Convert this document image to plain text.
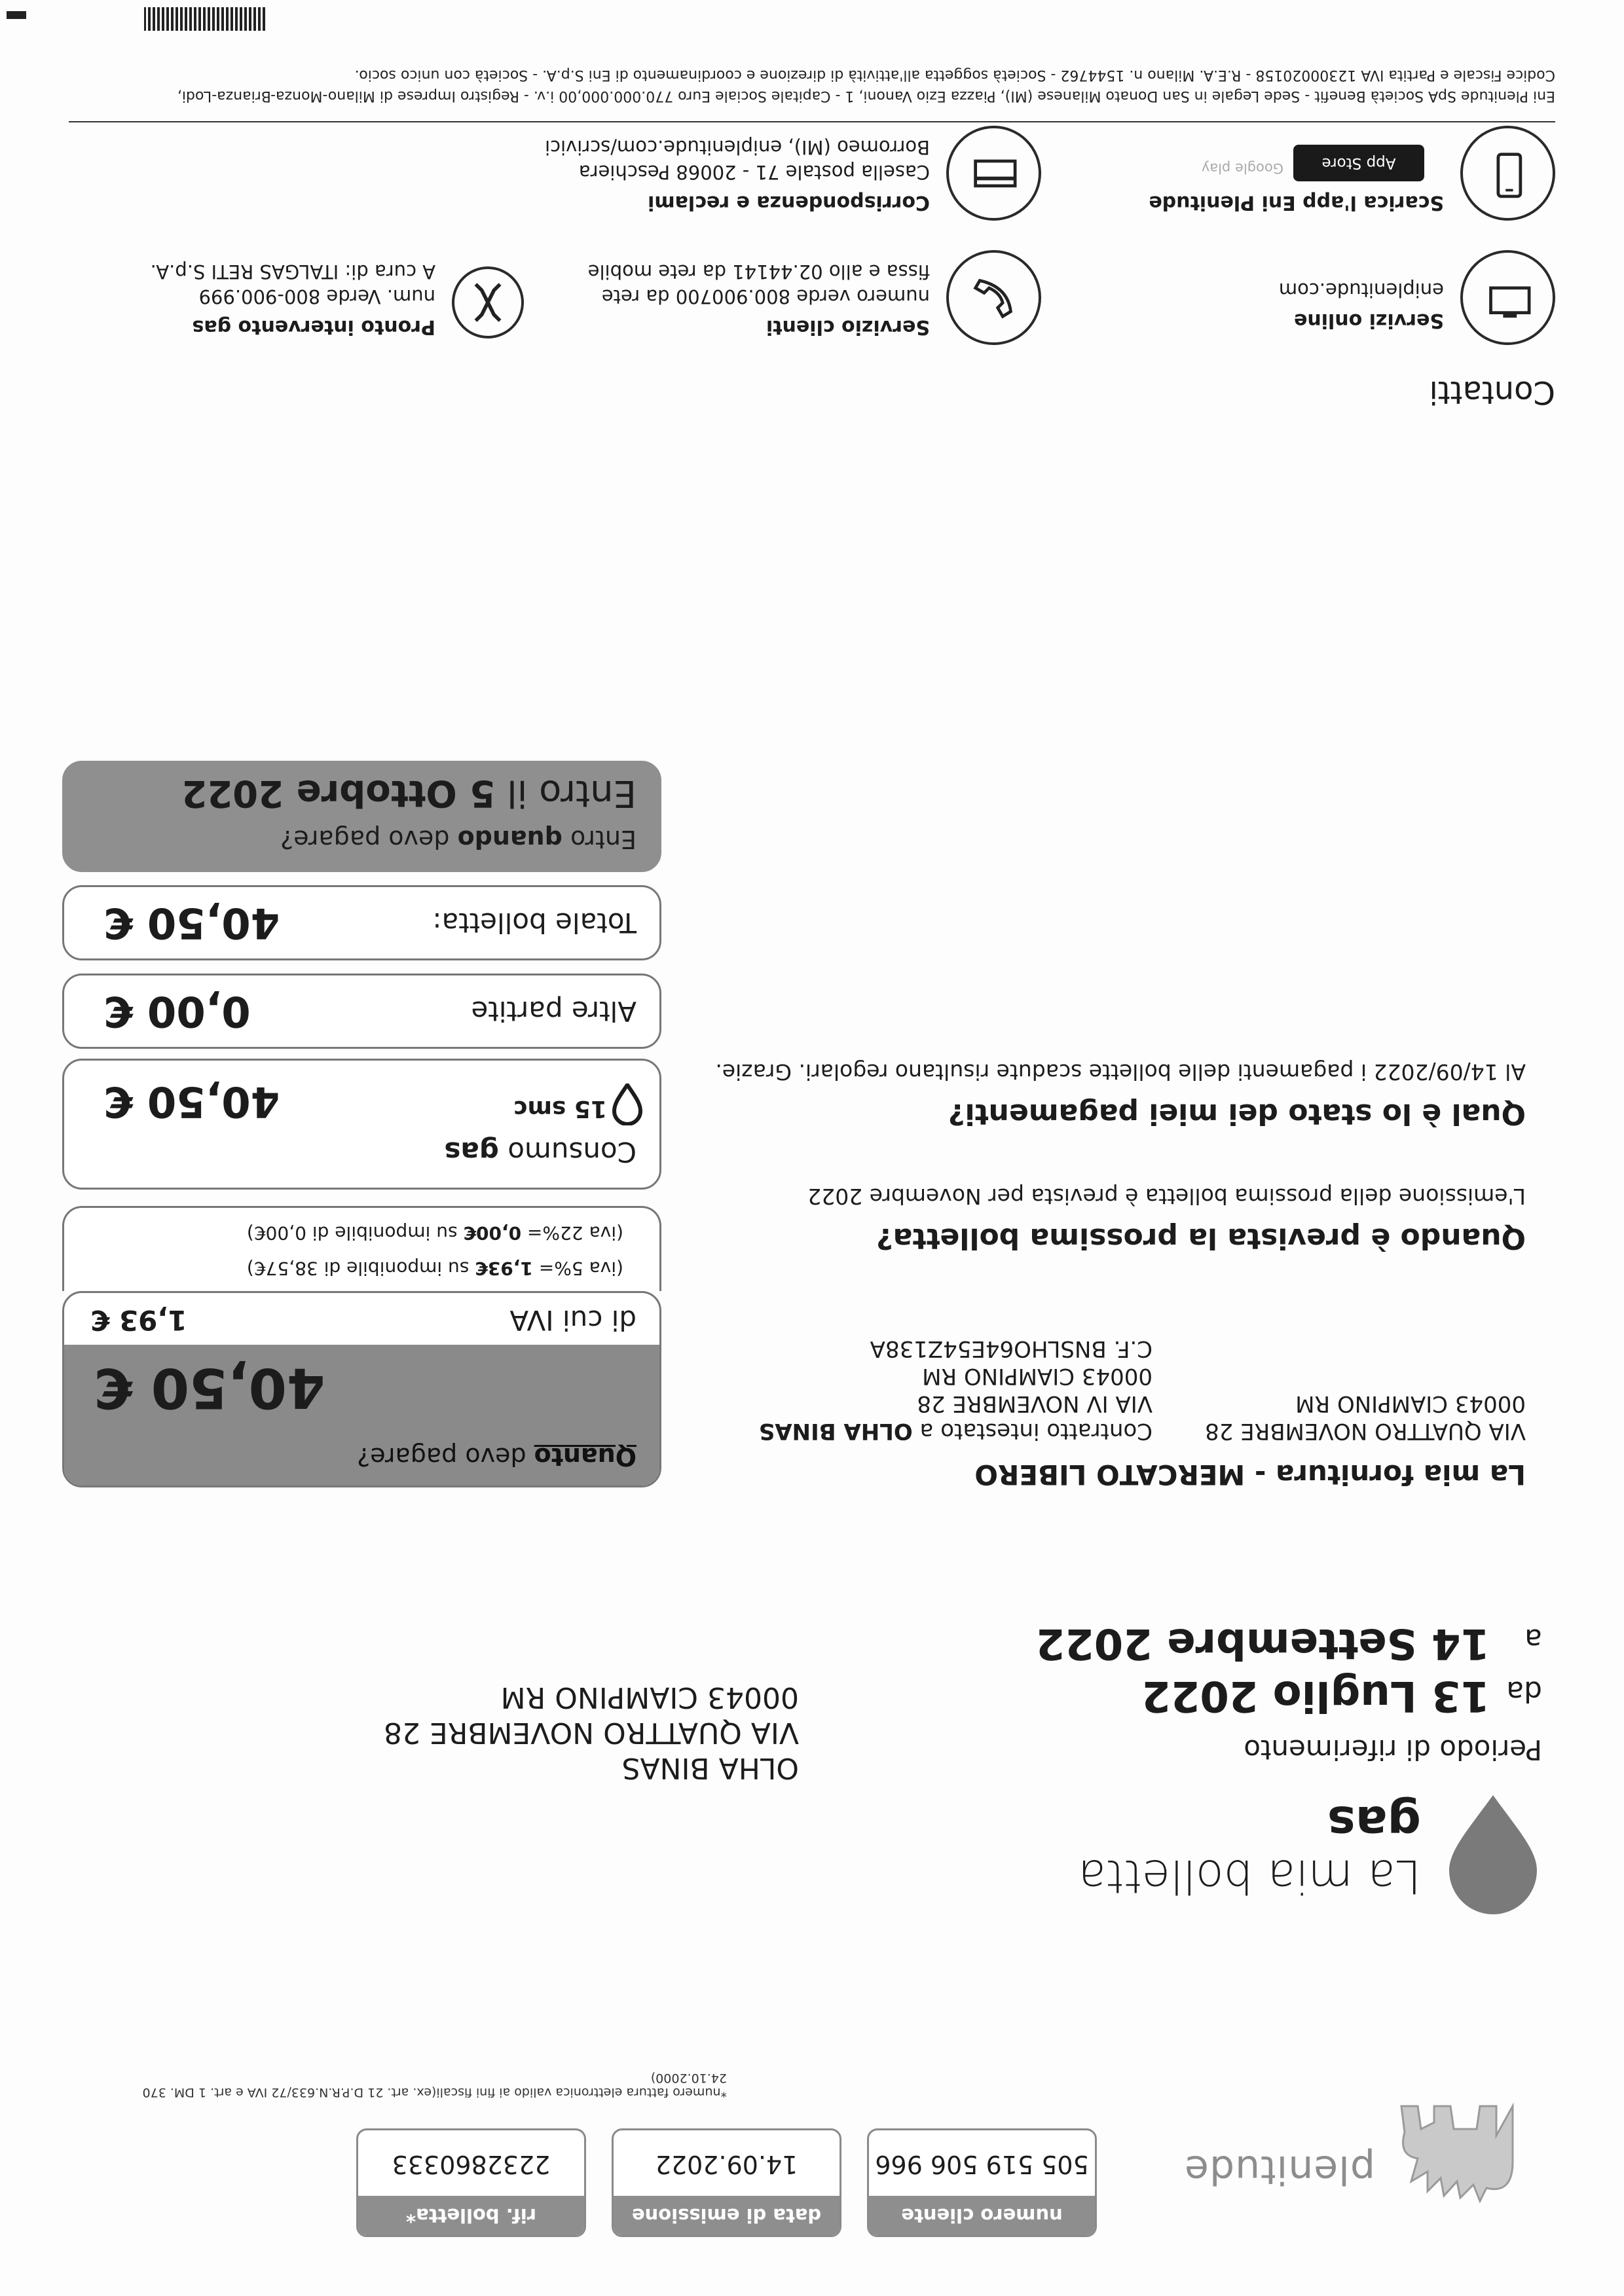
plenitude
rif. bolletta*
2232860333
data di emissione
14.09.2022
numero cliente
505 519 506 966
*numero fattura elettronica valido ai fini fiscali(ex. art. 21 D.P.R.N.633/72 IVA e art. 1 DM. 370 24.10.2000)
La mia bolletta
gas
Periodo di riferimento
da13 Luglio 2022
a14 Settembre 2022
OLHA BINAS
VIA QUATTRO NOVEMBRE 28
00043 CIAMPINO RM
La mia fornitura - MERCATO LIBERO
VIA QUATTRO NOVEMBRE 28
00043 CIAMPINO RM
Contratto intestato a OLHA BINAS
VIA IV NOVEMBRE 28
00043 CIAMPINO RM
C.F. BNSLHO64E54Z138A
Quando è prevista la prossima bolletta?
L'emissione della prossima bolletta è prevista per Novembre 2022
Qual è lo stato dei miei pagamenti?
Al 14/09/2022 i pagamenti delle bollette scadute risultano regolari. Grazie.
Quanto devo pagare?
40,50 €
di cui IVA
1,93 €
(iva 5%= 1,93€ su imponibile di 38,57€)
(iva 22%= 0,00€ su imponibile di 0,00€)
Consumo gas
15 smc
40,50 €
Altre partite
0,00 €
Totale bolletta:
40,50 €
Entro quando devo pagare?
Entro il 5 Ottobre 2022
Contatti
Servizi online
eniplenitude.com
Servizio clienti
numero verde 800.900700 da rete
fissa e allo 02.44141 da rete mobile
Pronto intervento gas
num. Verde 800-900.999
A cura di: ITALGAS RETI S.p.A.
Scarica l'app Eni Plenitude
App Store
Google play
Corrispondenza e reclami
Casella postale 71 - 20068 Peschiera
Borromeo (MI), eniplenitude.com/scrivici
Eni Plenitude SpA Società Benefit - Sede Legale in San Donato Milanese (MI), Piazza Ezio Vanoni, 1 - Capitale Sociale Euro 770.000.000,00 i.v. - Registro Imprese di Milano-Monza-Brianza-Lodi,
Codice Fiscale e Partita IVA 12300020158 - R.E.A. Milano n. 1544762 - Società soggetta all'attività di direzione e coordinamento di Eni S.p.A. - Società con unico socio.
